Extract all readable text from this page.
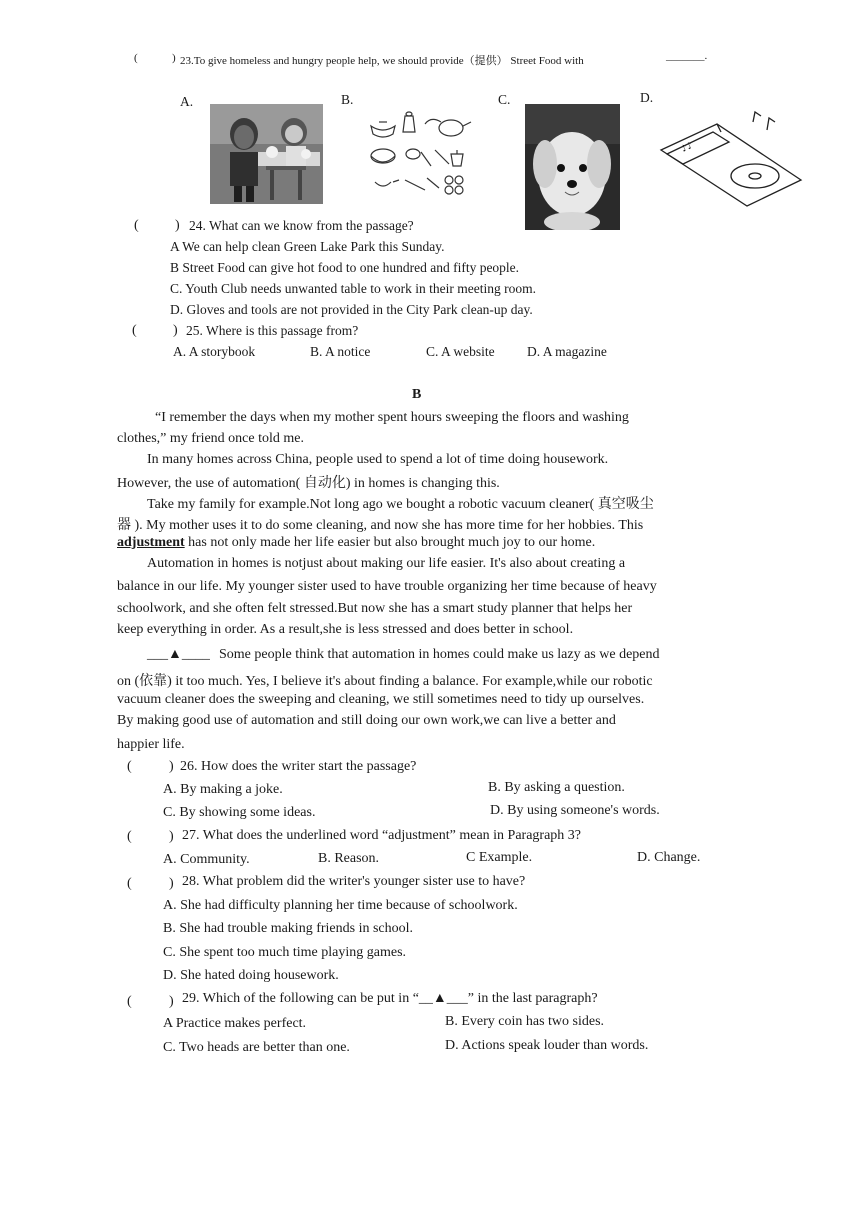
(	) 23.To give homeless and hungry people help, we should provide（提供） Street Food with	_______.
A.	B.	C.	D.
♪♪
(	) 24. What can we know from the passage?
A We can help clean Green Lake Park this Sunday.
B Street Food can give hot food to one hundred and fifty people.
C. Youth Club needs unwanted table to work in their meeting room.
D. Gloves and tools are not provided in the City Park clean-up day.
(	) 25. Where is this passage from?
A. A storybook	B. A notice	C. A website D. A magazine
B
“I remember the days when my mother spent hours sweeping the floors and washing
clothes,” my friend once told me.
In many homes across China, people used to spend a lot of time doing housework.
However, the use of automation( 自动化) in homes is changing this.
Take my family for example.Not long ago we bought a robotic vacuum cleaner( 真空吸尘
器 ). My mother uses it to do some cleaning, and now she has more time for her hobbies. This
adjustment has not only made her life easier but also brought much joy to our home.
Automation in homes is notjust about making our life easier. It's also about creating a
balance in our life. My younger sister used to have trouble organizing her time because of heavy
schoolwork, and she often felt stressed.But now she has a smart study planner that helps her
keep everything in order. As a result,she is less stressed and does better in school.
___▲____ Some people think that automation in homes could make us lazy as we depend
on (依靠) it too much. Yes, I believe it's about finding a balance. For example,while our robotic
vacuum cleaner does the sweeping and cleaning, we still sometimes need to tidy up ourselves.
By making good use of automation and still doing our own work,we can live a better and
happier life.
(	) 26. How does the writer start the passage?
A. By making a joke.	B. By asking a question.
C. By showing some ideas.	D. By using someone's words.
(	) 27. What does the underlined word “adjustment” mean in Paragraph 3?
A. Community.	B. Reason.	C Example.	D. Change.
(	) 28. What problem did the writer's younger sister use to have?
A. She had difficulty planning her time because of schoolwork.
B. She had trouble making friends in school.
C. She spent too much time playing games.
D. She hated doing housework.
(	) 29. Which of the following can be put in “__▲___” in the last paragraph?
A Practice makes perfect.	B. Every coin has two sides.
C. Two heads are better than one.	D. Actions speak louder than words.
